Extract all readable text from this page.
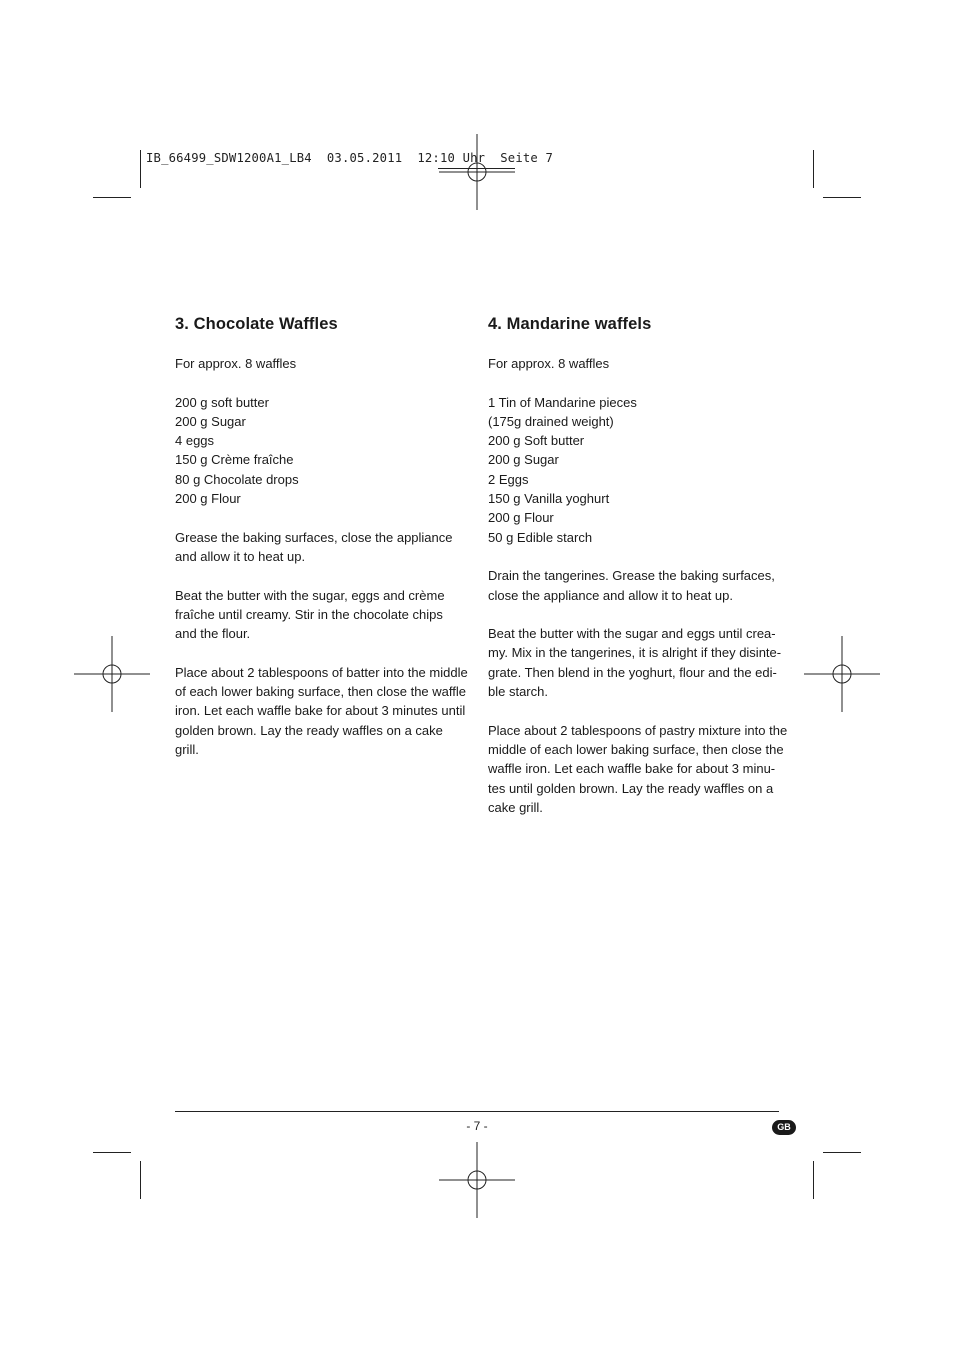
IB_66499_SDW1200A1_LB4  03.05.2011  12:10 Uhr  Seite 7
3. Chocolate Waffles

For approx. 8 waffles

200 g soft butter
200 g Sugar
4 eggs
150 g Crème fraîche
80 g Chocolate drops
200 g Flour

Grease the baking surfaces, close the appliance
and allow it to heat up.

Beat the butter with the sugar, eggs and crème
fraîche until creamy. Stir in the chocolate chips
and the flour.

Place about 2 tablespoons of batter into the middle
of each lower baking surface, then close the waffle
iron. Let each waffle bake for about 3 minutes until
golden brown. Lay the ready waffles on a cake
grill.

4. Mandarine waffels

For approx. 8 waffles

1 Tin of Mandarine pieces
(175g drained weight)
200 g Soft butter
200 g Sugar
2 Eggs
150 g Vanilla yoghurt
200 g Flour
50 g Edible starch

Drain the tangerines. Grease the baking surfaces,
close the appliance and allow it to heat up.

Beat the butter with the sugar and eggs until crea-
my. Mix in the tangerines, it is alright if they disinte-
grate. Then blend in the yoghurt, flour and the edi-
ble starch.

Place about 2 tablespoons of pastry mixture into the
middle of each lower baking surface, then close the
waffle iron. Let each waffle bake for about 3 minu-
tes until golden brown. Lay the ready waffles on a
cake grill.

- 7 -	GB
